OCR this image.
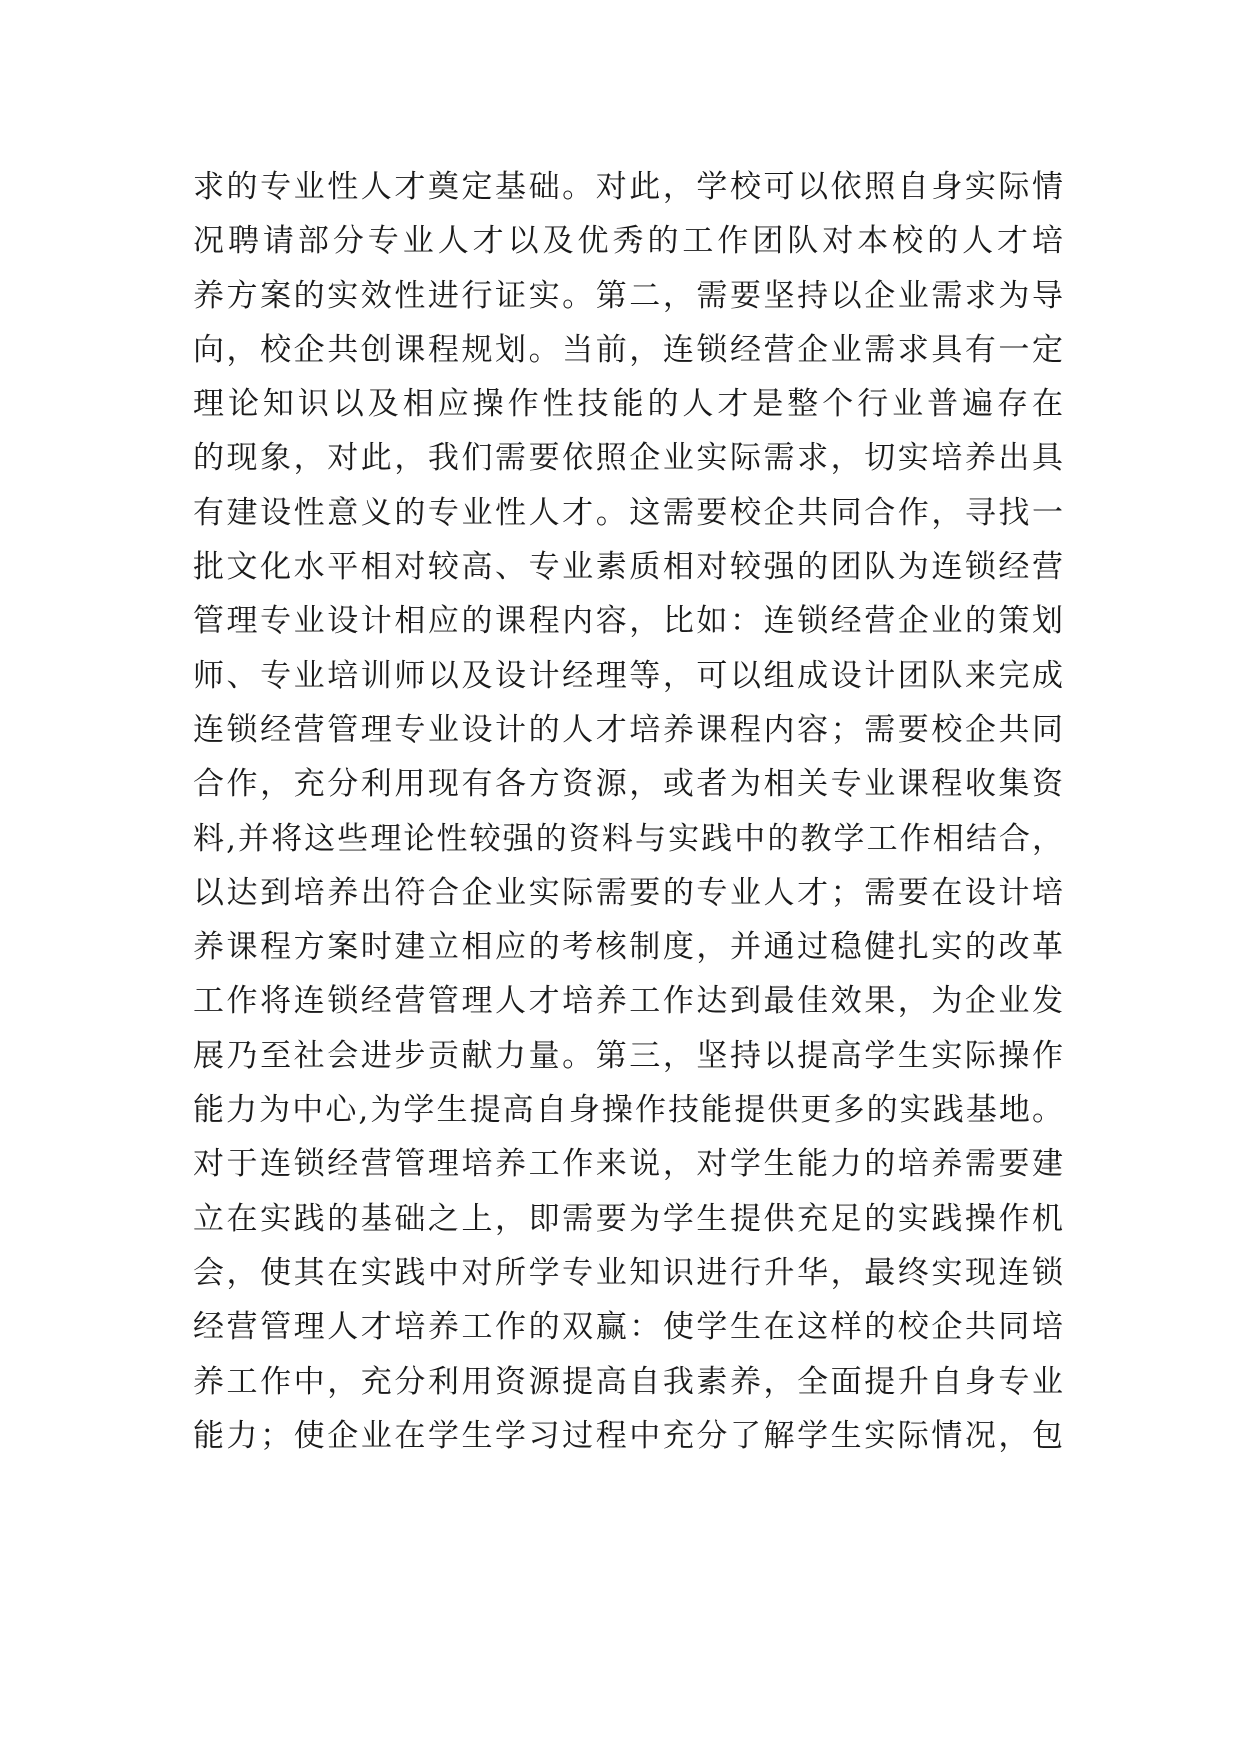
求的专业性人才奠定基础。对此，学校可以依照自身实际情
况聘请部分专业人才以及优秀的工作团队对本校的人才培
养方案的实效性进行证实。第二，需要坚持以企业需求为导
向，校企共创课程规划。当前，连锁经营企业需求具有一定
理论知识以及相应操作性技能的人才是整个行业普遍存在
的现象，对此，我们需要依照企业实际需求，切实培养出具
有建设性意义的专业性人才。这需要校企共同合作，寻找一
批文化水平相对较高、专业素质相对较强的团队为连锁经营
管理专业设计相应的课程内容，比如：连锁经营企业的策划
师、专业培训师以及设计经理等，可以组成设计团队来完成
连锁经营管理专业设计的人才培养课程内容；需要校企共同
合作，充分利用现有各方资源，或者为相关专业课程收集资
料,并将这些理论性较强的资料与实践中的教学工作相结合，
以达到培养出符合企业实际需要的专业人才；需要在设计培
养课程方案时建立相应的考核制度，并通过稳健扎实的改革
工作将连锁经营管理人才培养工作达到最佳效果，为企业发
展乃至社会进步贡献力量。第三，坚持以提高学生实际操作
能力为中心,为学生提高自身操作技能提供更多的实践基地。
对于连锁经营管理培养工作来说，对学生能力的培养需要建
立在实践的基础之上，即需要为学生提供充足的实践操作机
会，使其在实践中对所学专业知识进行升华，最终实现连锁
经营管理人才培养工作的双赢：使学生在这样的校企共同培
养工作中，充分利用资源提高自我素养，全面提升自身专业
能力；使企业在学生学习过程中充分了解学生实际情况，包
